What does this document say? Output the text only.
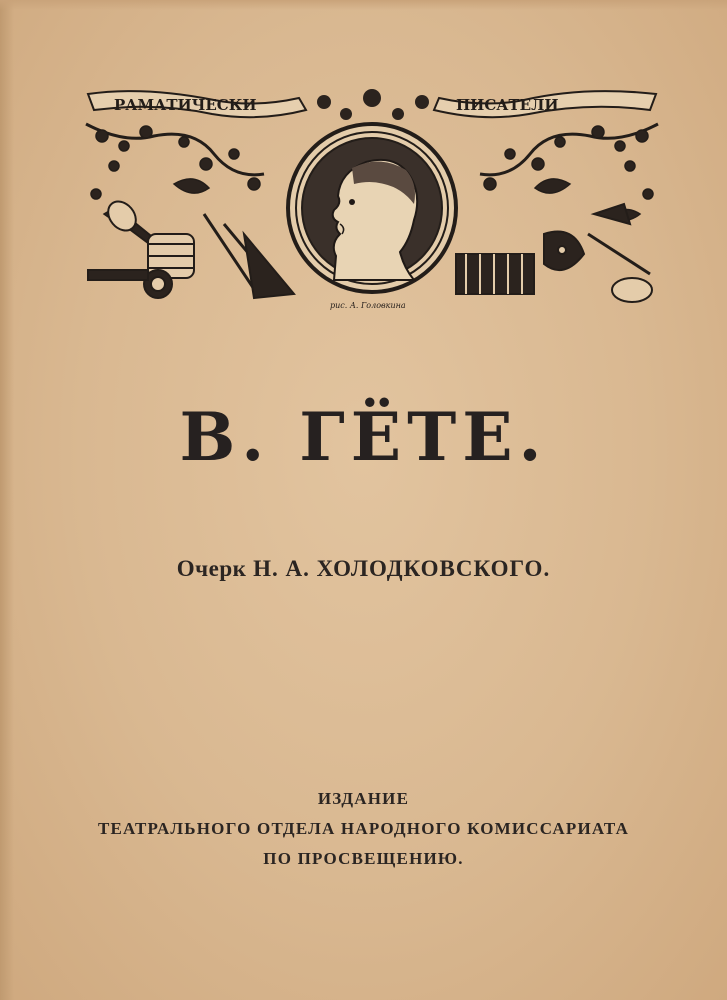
РАМАТИЧЕСКИ	ПИСАТЕЛИ
рис. А. Головкина
В. ГЁТЕ.
Очерк Н. А. ХОЛОДКОВСКОГО.
ИЗДАНИЕ
ТЕАТРАЛЬНОГО ОТДЕЛА НАРОДНОГО КОМИССАРИАТА
ПО ПРОСВЕЩЕНИЮ.
